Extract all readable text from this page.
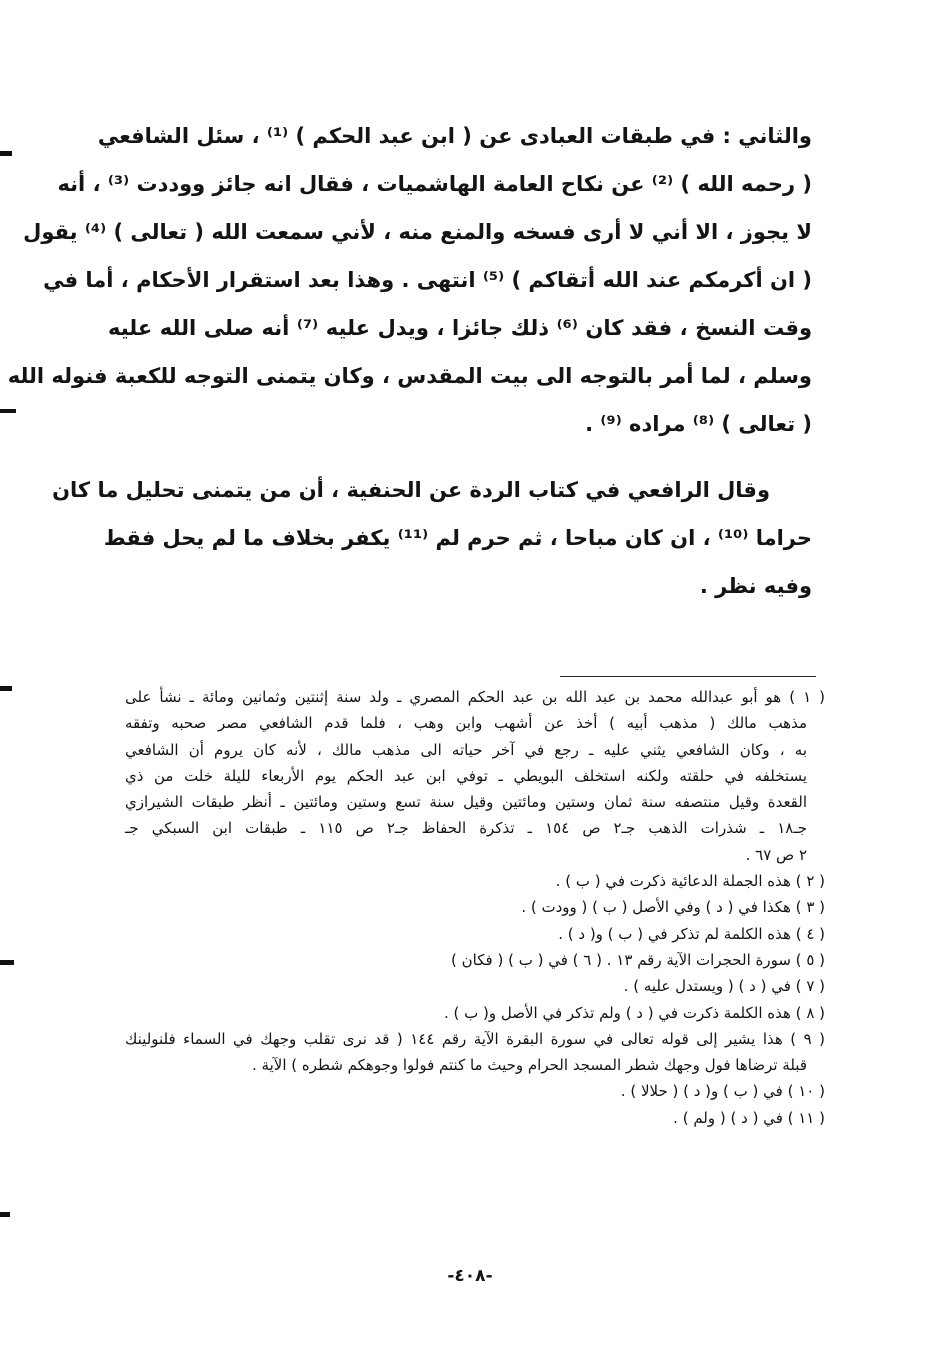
والثاني : في طبقات العبادى عن ( ابن عبد الحكم ) ⁽¹⁾ ، سئل الشافعي
( رحمه الله ) ⁽²⁾ عن نكاح العامة الهاشميات ، فقال انه جائز ووددت ⁽³⁾ ، أنه
لا يجوز ، الا أني لا أرى فسخه والمنع منه ، لأني سمعت الله ( تعالى ) ⁽⁴⁾ يقول
( ان أكرمكم عند الله أتقاكم ) ⁽⁵⁾ انتهى . وهذا بعد استقرار الأحكام ، أما في
وقت النسخ ، فقد كان ⁽⁶⁾ ذلك جائزا ، ويدل عليه ⁽⁷⁾ أنه صلى الله عليه
وسلم ، لما أمر بالتوجه الى بيت المقدس ، وكان يتمنى التوجه للكعبة فنوله الله
( تعالى ) ⁽⁸⁾ مراده ⁽⁹⁾ .
وقال الرافعي في كتاب الردة عن الحنفية ، أن من يتمنى تحليل ما كان
حراما ⁽¹⁰⁾ ، ان كان مباحا ، ثم حرم لم ⁽¹¹⁾ يكفر بخلاف ما لم يحل فقط
وفيه نظر .
( ١ ) هو أبو عبدالله محمد بن عبد الله بن عبد الحكم المصري ـ ولد سنة إثنتين وثمانين ومائة ـ نشأ على
مذهب مالك ( مذهب أبيه ) أخذ عن أشهب وابن وهب ، فلما قدم الشافعي مصر صحبه وتفقه
به ، وكان الشافعي يثني عليه ـ رجع في آخر حياته الى مذهب مالك ، لأنه كان يروم أن الشافعي
يستخلفه في حلقته ولكنه استخلف البويطي ـ توفي ابن عبد الحكم يوم الأربعاء لليلة خلت من ذي
القعدة وقيل منتصفه سنة ثمان وستين ومائتين وقيل سنة تسع وستين ومائتين ـ أنظر طبقات الشيرازي
جـ١٨ ـ شذرات الذهب جـ٢ ص ١٥٤ ـ تذكرة الحفاظ جـ٢ ص ١١٥ ـ طبقات ابن السبكي جـ
٢ ص ٦٧ .
( ٢ ) هذه الجملة الدعائية ذكرت في ( ب ) .
( ٣ ) هكذا في ( د ) وفي الأصل ( ب ) ( وودت ) .
( ٤ ) هذه الكلمة لم تذكر في ( ب ) و( د ) .
( ٥ ) سورة الحجرات الآية رقم ١٣ . ( ٦ ) في ( ب ) ( فكان )
( ٧ ) في ( د ) ( ويستدل عليه ) .
( ٨ ) هذه الكلمة ذكرت في ( د ) ولم تذكر في الأصل و( ب ) .
( ٩ ) هذا يشير إلى قوله تعالى في سورة البقرة الآية رقم ١٤٤ ( قد نرى تقلب وجهك في السماء فلنولينك
قبلة ترضاها فول وجهك شطر المسجد الحرام وحيث ما كنتم فولوا وجوهكم شطره ) الآية .
( ١٠ ) في ( ب ) و( د ) ( حلالا ) .
( ١١ ) في ( د ) ( ولم ) .
-٤٠٨-
